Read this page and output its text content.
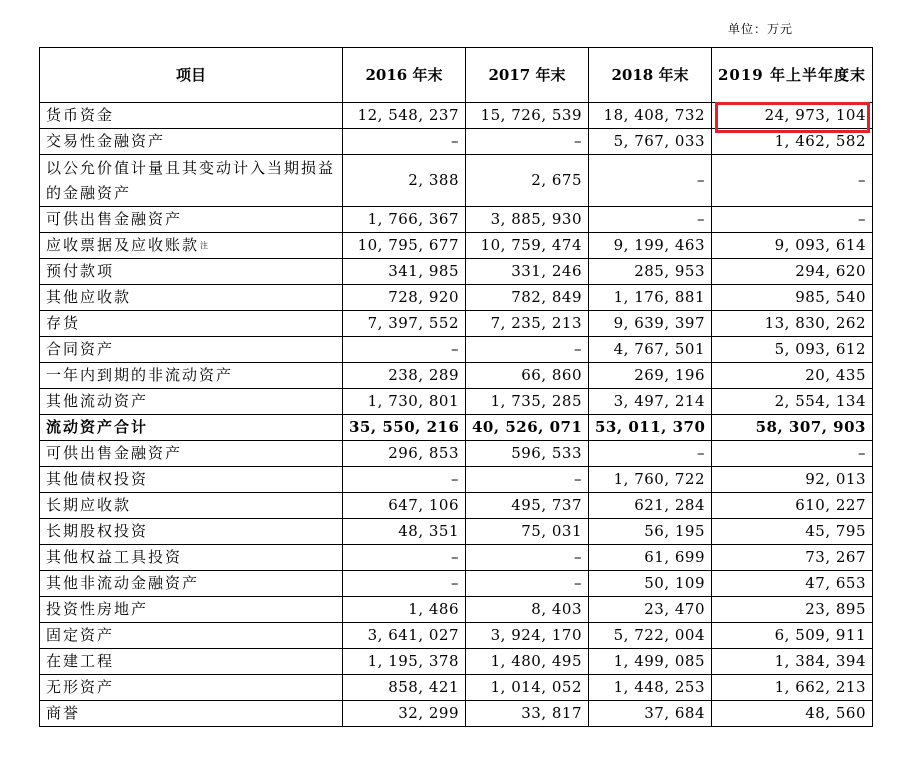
单位：万元
项目	2016 年末	2017 年末	2018 年末	2019 年上半年度末
货币资金	12, 548, 237	15, 726, 539	18, 408, 732	24, 973, 104
交易性金融资产	–	–	5, 767, 033	1, 462, 582
以公允价值计量且其变动计入当期损益的金融资产	2, 388	2, 675	–	–
可供出售金融资产	1, 766, 367	3, 885, 930	–	–
应收票据及应收账款$^注$	10, 795, 677	10, 759, 474	9, 199, 463	9, 093, 614
预付款项	341, 985	331, 246	285, 953	294, 620
其他应收款	728, 920	782, 849	1, 176, 881	985, 540
存货	7, 397, 552	7, 235, 213	9, 639, 397	13, 830, 262
合同资产	–	–	4, 767, 501	5, 093, 612
一年内到期的非流动资产	238, 289	66, 860	269, 196	20, 435
其他流动资产	1, 730, 801	1, 735, 285	3, 497, 214	2, 554, 134
流动资产合计	35, 550, 216	40, 526, 071	53, 011, 370	58, 307, 903
可供出售金融资产	296, 853	596, 533	–	–
其他债权投资	–	–	1, 760, 722	92, 013
长期应收款	647, 106	495, 737	621, 284	610, 227
长期股权投资	48, 351	75, 031	56, 195	45, 795
其他权益工具投资	–	–	61, 699	73, 267
其他非流动金融资产	–	–	50, 109	47, 653
投资性房地产	1, 486	8, 403	23, 470	23, 895
固定资产	3, 641, 027	3, 924, 170	5, 722, 004	6, 509, 911
在建工程	1, 195, 378	1, 480, 495	1, 499, 085	1, 384, 394
无形资产	858, 421	1, 014, 052	1, 448, 253	1, 662, 213
商誉	32, 299	33, 817	37, 684	48, 560
